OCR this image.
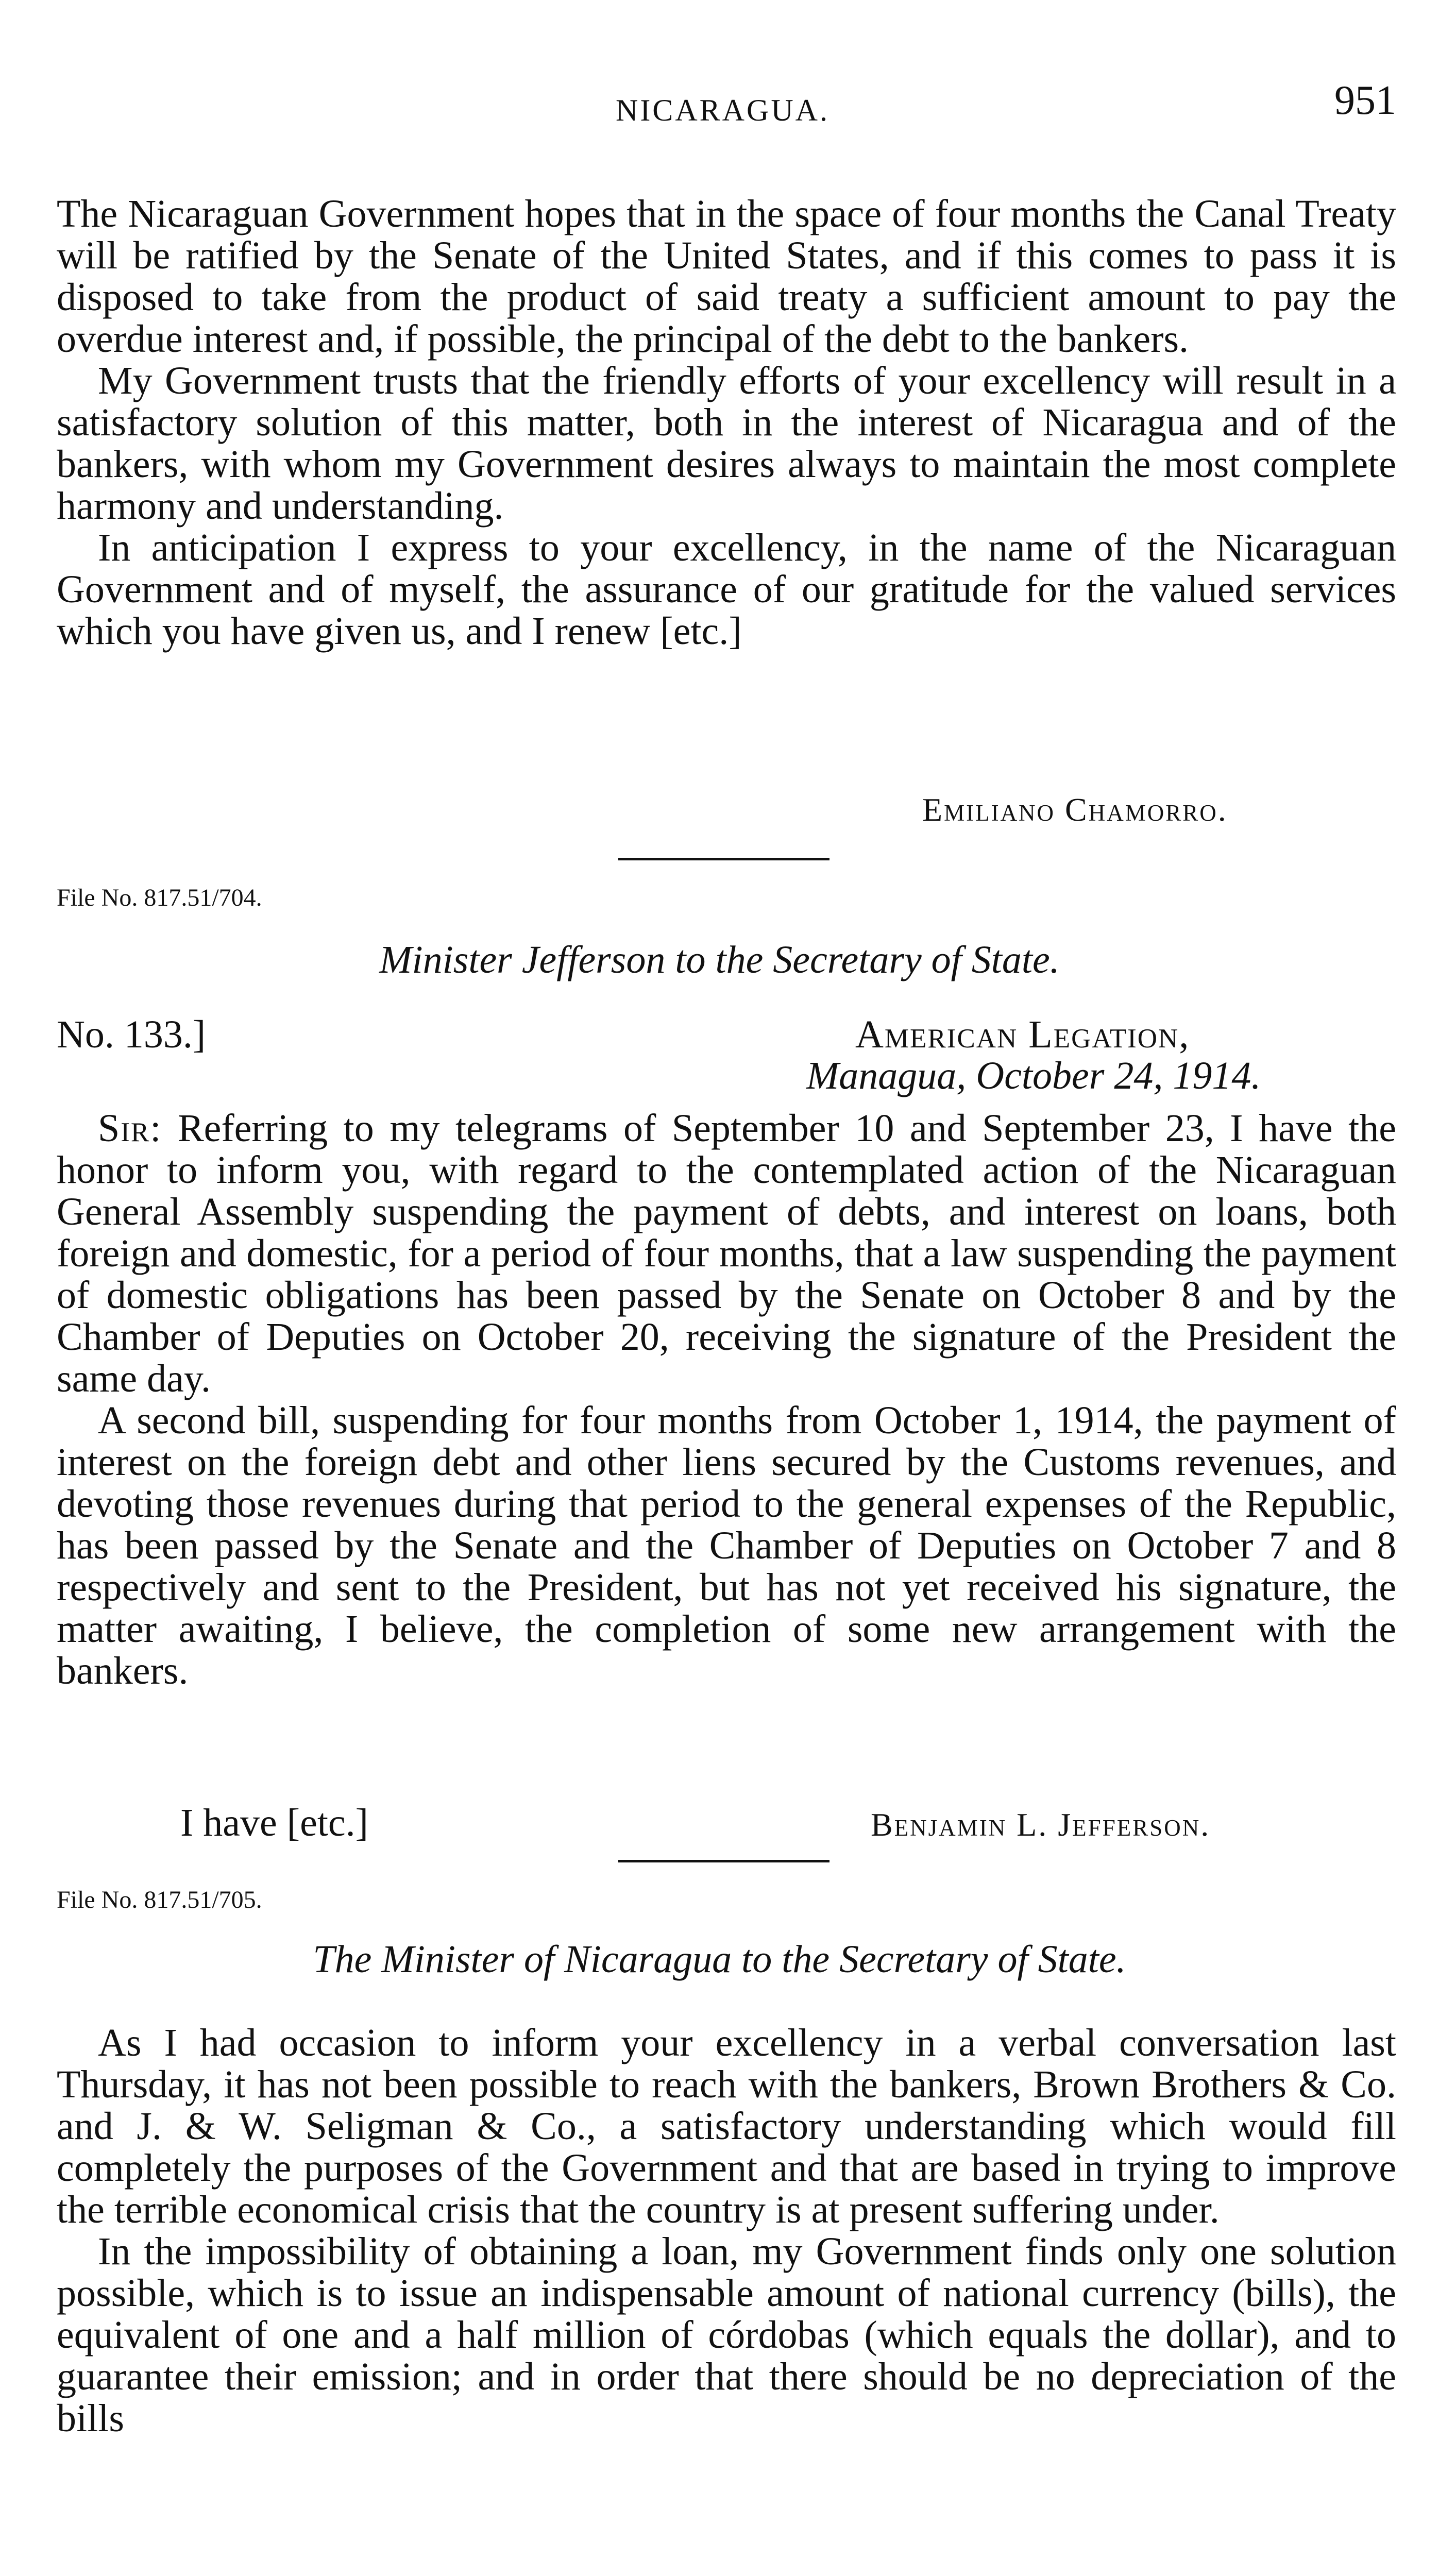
NICARAGUA.	951

The Nicaraguan Government hopes that in the space of four months the Canal Treaty will be ratified by the Senate of the United States, and if this comes to pass it is disposed to take from the product of said treaty a sufficient amount to pay the overdue interest and, if possible, the principal of the debt to the bankers.

My Government trusts that the friendly efforts of your excellency will result in a satisfactory solution of this matter, both in the interest of Nicaragua and of the bankers, with whom my Government desires always to maintain the most complete harmony and understanding.

In anticipation I express to your excellency, in the name of the Nicaraguan Government and of myself, the assurance of our gratitude for the valued services which you have given us, and I renew [etc.]

Emiliano Chamorro.
File No. 817.51/704.
Minister Jefferson to the Secretary of State.
No. 133.]	American Legation,
Managua, October 24, 1914.

Sir: Referring to my telegrams of September 10 and September 23, I have the honor to inform you, with regard to the contemplated action of the Nicaraguan General Assembly suspending the payment of debts, and interest on loans, both foreign and domestic, for a period of four months, that a law suspending the payment of domestic obligations has been passed by the Senate on October 8 and by the Chamber of Deputies on October 20, receiving the signature of the President the same day.

A second bill, suspending for four months from October 1, 1914, the payment of interest on the foreign debt and other liens secured by the Customs revenues, and devoting those revenues during that period to the general expenses of the Republic, has been passed by the Senate and the Chamber of Deputies on October 7 and 8 respectively and sent to the President, but has not yet received his signature, the matter awaiting, I believe, the completion of some new arrangement with the bankers.

I have [etc.]	Benjamin L. Jefferson.
File No. 817.51/705.
The Minister of Nicaragua to the Secretary of State.

As I had occasion to inform your excellency in a verbal conversation last Thursday, it has not been possible to reach with the bankers, Brown Brothers & Co. and J. & W. Seligman & Co., a satisfactory understanding which would fill completely the purposes of the Government and that are based in trying to improve the terrible economical crisis that the country is at present suffering under.

In the impossibility of obtaining a loan, my Government finds only one solution possible, which is to issue an indispensable amount of national currency (bills), the equivalent of one and a half million of córdobas (which equals the dollar), and to guarantee their emission; and in order that there should be no depreciation of the bills
